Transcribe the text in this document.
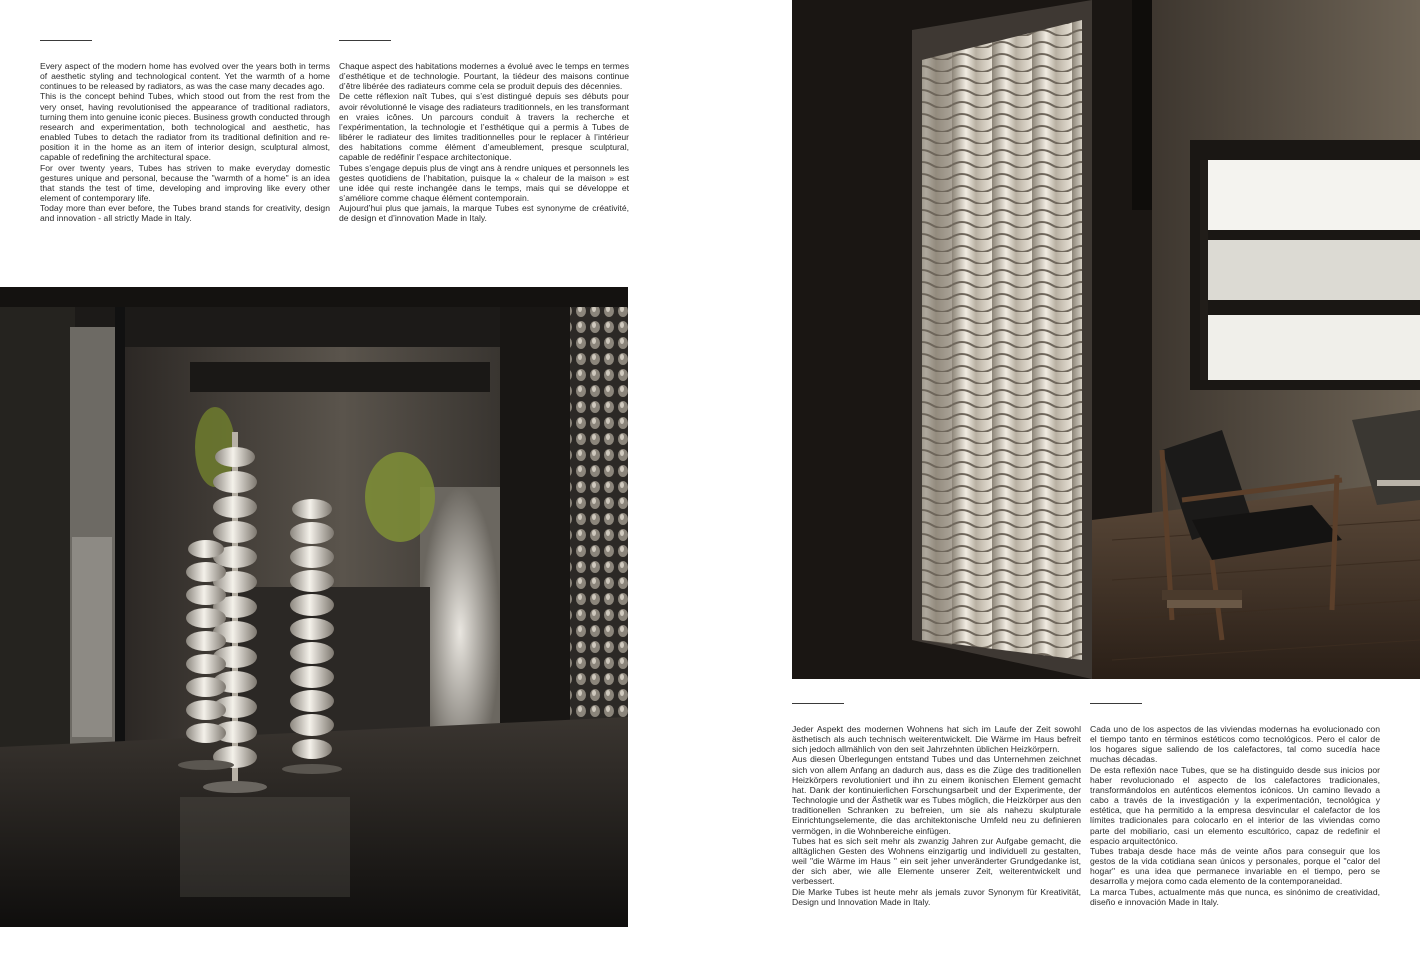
Every aspect of the modern home has evolved over the years both in terms of aesthetic styling and technological content. Yet the warmth of a home continues to be released by radiators, as was the case many decades ago.

This is the concept behind Tubes, which stood out from the rest from the very onset, having revolutionised the appearance of traditional radiators, turning them into genuine iconic pieces. Business growth conducted through research and experimentation, both technological and aesthetic, has enabled Tubes to detach the radiator from its traditional definition and re-position it in the home as an item of interior design, sculptural almost, capable of redefining the architectural space.

For over twenty years, Tubes has striven to make everyday domestic gestures unique and personal, because the "warmth of a home" is an idea that stands the test of time, developing and improving like every other element of contemporary life.

Today more than ever before, the Tubes brand stands for creativity, design and innovation - all strictly Made in Italy.

Chaque aspect des habitations modernes a évolué avec le temps en termes d’esthétique et de technologie. Pourtant, la tiédeur des maisons continue d’être libérée des radiateurs comme cela se produit depuis des décennies.

De cette réflexion naît Tubes, qui s’est distingué depuis ses débuts pour avoir révolutionné le visage des radiateurs traditionnels, en les transformant en vraies icônes. Un parcours conduit à travers la recherche et l’expérimentation, la technologie et l’esthétique qui a permis à Tubes de libérer le radiateur des limites traditionnelles pour le replacer à l’intérieur des habitations comme élément d’ameublement, presque sculptural, capable de redéfinir l’espace architectonique.

Tubes s’engage depuis plus de vingt ans à rendre uniques et personnels les gestes quotidiens de l’habitation, puisque la « chaleur de la maison » est une idée qui reste inchangée dans le temps, mais qui se développe et s’améliore comme chaque élément contemporain.

Aujourd’hui plus que jamais, la marque Tubes est synonyme de créativité, de design et d’innovation Made in Italy.

Jeder Aspekt des modernen Wohnens hat sich im Laufe der Zeit sowohl ästhetisch als auch technisch weiterentwickelt. Die Wärme im Haus befreit sich jedoch allmählich von den seit Jahrzehnten üblichen Heizkörpern.

Aus diesen Überlegungen entstand Tubes und das Unternehmen zeichnet sich von allem Anfang an dadurch aus, dass es die Züge des traditionellen Heizkörpers revolutioniert und ihn zu einem ikonischen Element gemacht hat. Dank der kontinuierlichen Forschungsarbeit und der Experimente, der Technologie und der Ästhetik war es Tubes möglich, die Heizkörper aus den traditionellen Schranken zu befreien, um sie als nahezu skulpturale Einrichtungselemente, die das architektonische Umfeld neu zu definieren vermögen, in die Wohnbereiche einfügen.

Tubes hat es sich seit mehr als zwanzig Jahren zur Aufgabe gemacht, die alltäglichen Gesten des Wohnens einzigartig und individuell zu gestalten, weil "die Wärme im Haus " ein seit jeher unveränderter Grundgedanke ist, der sich aber, wie alle Elemente unserer Zeit, weiterentwickelt und verbessert.

Die Marke Tubes ist heute mehr als jemals zuvor Synonym für Kreativität, Design und Innovation Made in Italy.

Cada uno de los aspectos de las viviendas modernas ha evolucionado con el tiempo tanto en términos estéticos como tecnológicos. Pero el calor de los hogares sigue saliendo de los calefactores, tal como sucedía hace muchas décadas.

De esta reflexión nace Tubes, que se ha distinguido desde sus inicios por haber revolucionado el aspecto de los calefactores tradicionales, transformándolos en auténticos elementos icónicos. Un camino llevado a cabo a través de la investigación y la experimentación, tecnológica y estética, que ha permitido a la empresa desvincular el calefactor de los límites tradicionales para colocarlo en el interior de las viviendas como parte del mobiliario, casi un elemento escultórico, capaz de redefinir el espacio arquitectónico.

Tubes trabaja desde hace más de veinte años para conseguir que los gestos de la vida cotidiana sean únicos y personales, porque el "calor del hogar" es una idea que permanece invariable en el tiempo, pero se desarrolla y mejora como cada elemento de la contemporaneidad.

La marca Tubes, actualmente más que nunca, es sinónimo de creatividad, diseño e innovación Made in Italy.
